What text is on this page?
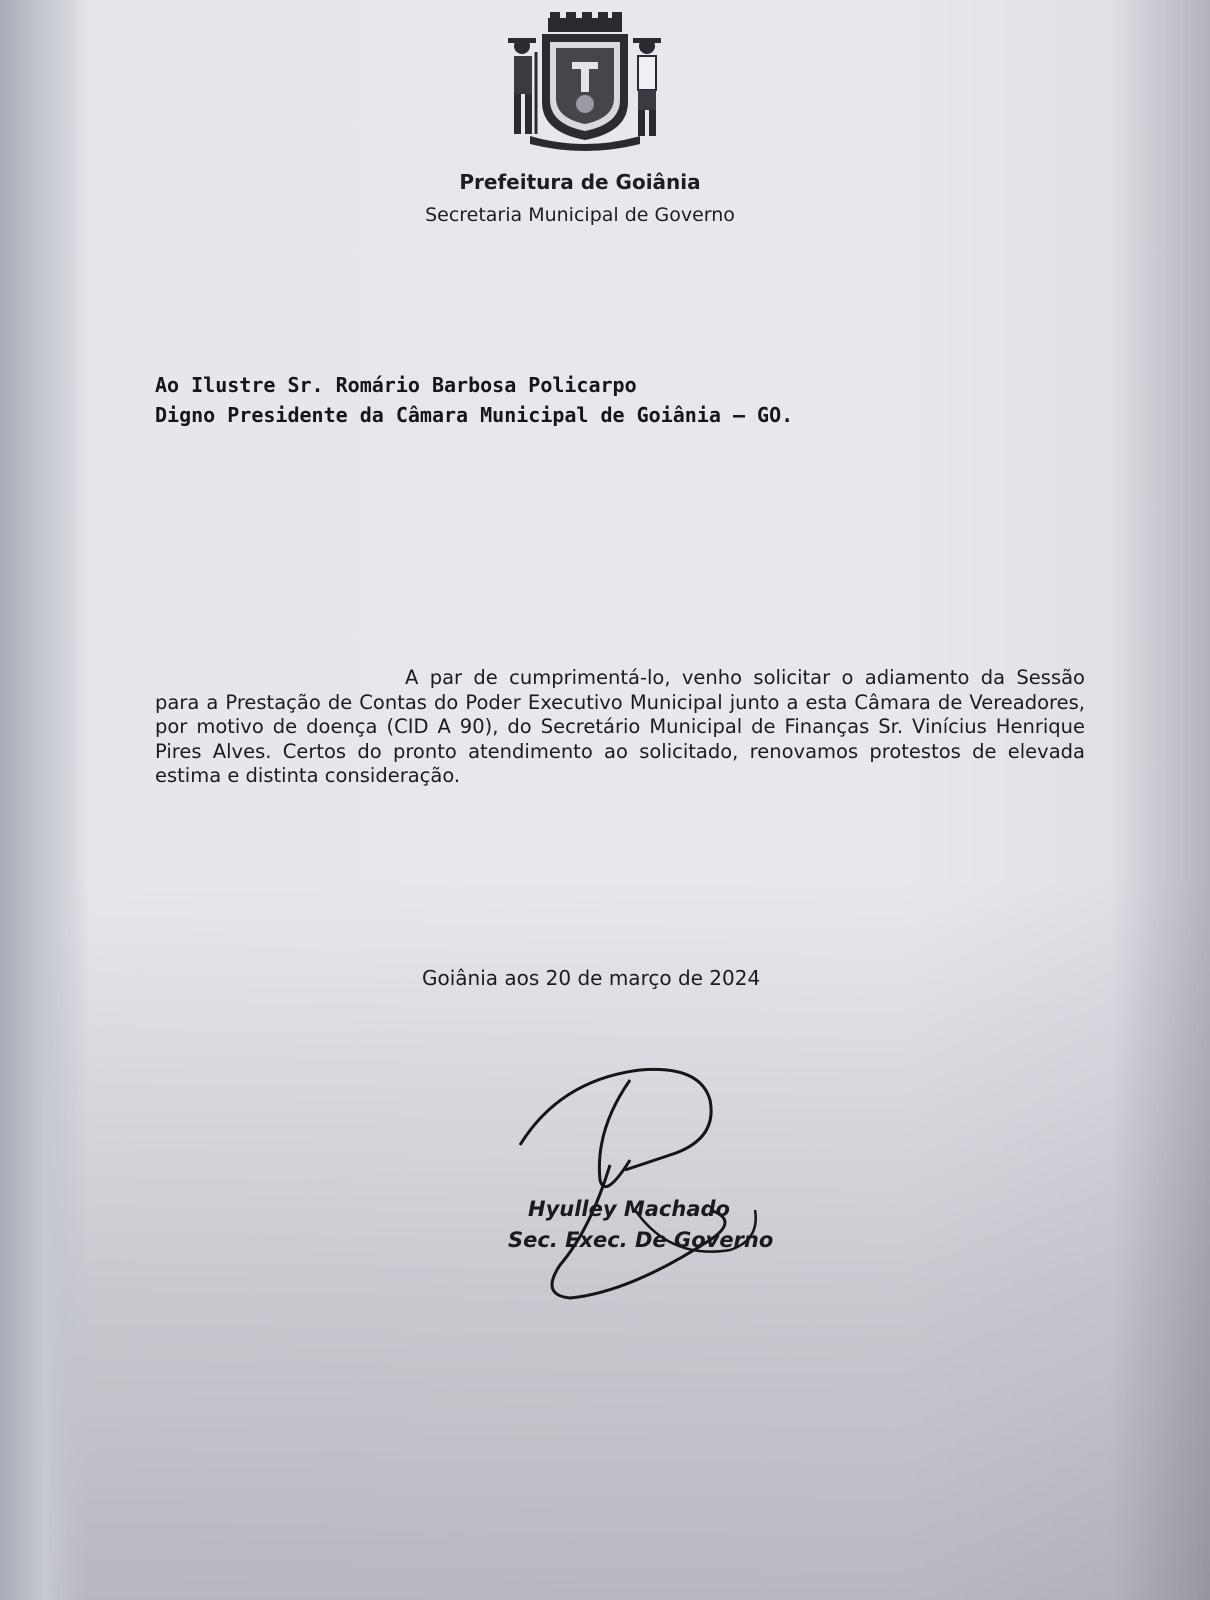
Prefeitura de Goiânia
Secretaria Municipal de Governo
Ao Ilustre Sr. Romário Barbosa Policarpo
Digno Presidente da Câmara Municipal de Goiânia – GO.
A par de cumprimentá-lo, venho solicitar o adiamento da Sessão para a Prestação de Contas do Poder Executivo Municipal junto a esta Câmara de Vereadores, por motivo de doença (CID A 90), do Secretário Municipal de Finanças Sr. Vinícius Henrique Pires Alves. Certos do pronto atendimento ao solicitado, renovamos protestos de elevada estima e distinta consideração.
Goiânia aos 20 de março de 2024
Hyulley Machado
Sec. Exec. De Governo
